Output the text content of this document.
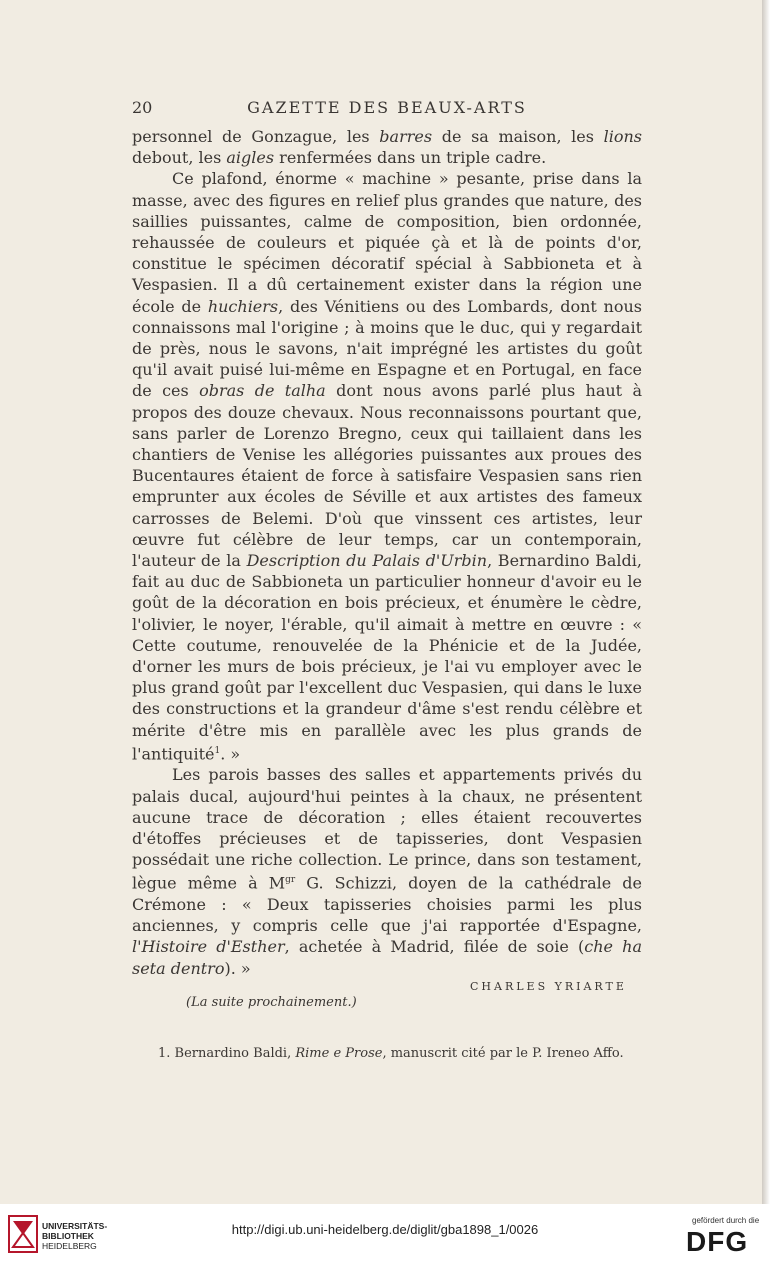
20	GAZETTE DES BEAUX-ARTS

personnel de Gonzague, les barres de sa maison, les lions debout, les aigles renfermées dans un triple cadre.

Ce plafond, énorme « machine » pesante, prise dans la masse, avec des figures en relief plus grandes que nature, des saillies puissantes, calme de composition, bien ordonnée, rehaussée de couleurs et piquée çà et là de points d'or, constitue le spécimen décoratif spécial à Sabbioneta et à Vespasien. Il a dû certainement exister dans la région une école de huchiers, des Vénitiens ou des Lombards, dont nous connaissons mal l'origine ; à moins que le duc, qui y regardait de près, nous le savons, n'ait imprégné les artistes du goût qu'il avait puisé lui-même en Espagne et en Portugal, en face de ces obras de talha dont nous avons parlé plus haut à propos des douze chevaux. Nous reconnaissons pourtant que, sans parler de Lorenzo Bregno, ceux qui taillaient dans les chantiers de Venise les allégories puissantes aux proues des Bucentaures étaient de force à satisfaire Vespasien sans rien emprunter aux écoles de Séville et aux artistes des fameux carrosses de Belemi. D'où que vinssent ces artistes, leur œuvre fut célèbre de leur temps, car un contemporain, l'auteur de la Description du Palais d'Urbin, Bernardino Baldi, fait au duc de Sabbioneta un particulier honneur d'avoir eu le goût de la décoration en bois précieux, et énumère le cèdre, l'olivier, le noyer, l'érable, qu'il aimait à mettre en œuvre : « Cette coutume, renouvelée de la Phénicie et de la Judée, d'orner les murs de bois précieux, je l'ai vu employer avec le plus grand goût par l'excellent duc Vespasien, qui dans le luxe des constructions et la grandeur d'âme s'est rendu célèbre et mérite d'être mis en parallèle avec les plus grands de l'antiquité$^1$. »

Les parois basses des salles et appartements privés du palais ducal, aujourd'hui peintes à la chaux, ne présentent aucune trace de décoration ; elles étaient recouvertes d'étoffes précieuses et de tapisseries, dont Vespasien possédait une riche collection. Le prince, dans son testament, lègue même à $M^{gr}$ G. Schizzi, doyen de la cathédrale de Crémone : « Deux tapisseries choisies parmi les plus anciennes, y compris celle que j'ai rapportée d'Espagne, l'Histoire d'Esther, achetée à Madrid, filée de soie (che ha seta dentro). »

CHARLES YRIARTE
(La suite prochainement.)
1. Bernardino Baldi, Rime e Prose, manuscrit cité par le P. Ireneo Affo.
UNIVERSITÄTS-
BIBLIOTHEK
HEIDELBERG
http://digi.ub.uni-heidelberg.de/diglit/gba1898_1/0026
gefördert durch die
DFG
